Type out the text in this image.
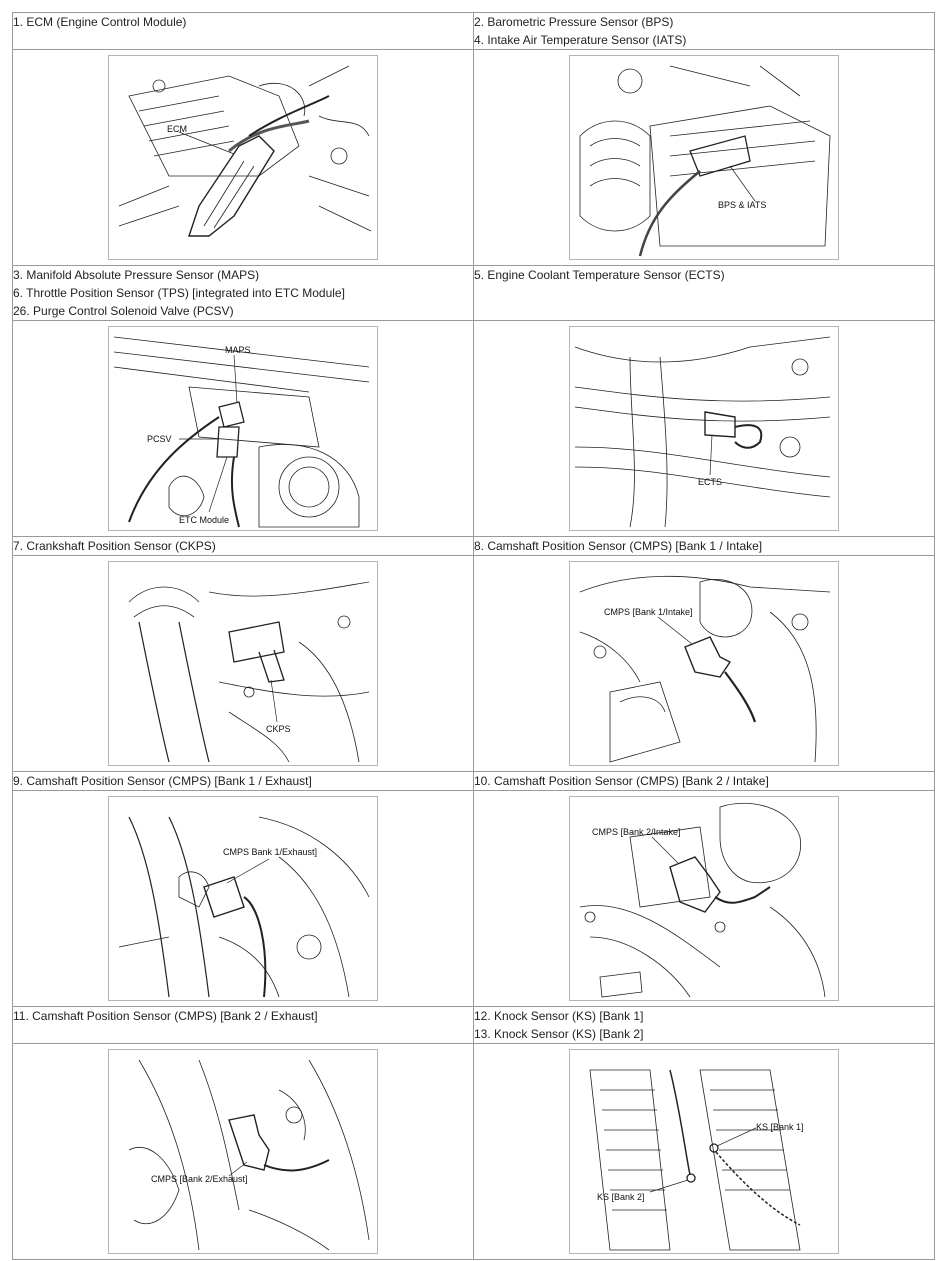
1. ECM (Engine Control Module)	2. Barometric Pressure Sensor (BPS)
4. Intake Air Temperature Sensor (IATS)

ECM	BPS & IATS

3. Manifold Absolute Pressure Sensor (MAPS)
6. Throttle Position Sensor (TPS) [integrated into ETC Module]
26. Purge Control Solenoid Valve (PCSV)	5. Engine Coolant Temperature Sensor (ECTS)

MAPS
PCSV
ETC Module	ECTS

7. Crankshaft Position Sensor (CKPS)	8. Camshaft Position Sensor (CMPS) [Bank 1 / Intake]

CKPS	CMPS [Bank 1/Intake]

9. Camshaft Position Sensor (CMPS) [Bank 1 / Exhaust]	10. Camshaft Position Sensor (CMPS) [Bank 2 / Intake]

CMPS Bank 1/Exhaust]	CMPS [Bank 2/Intake]

11. Camshaft Position Sensor (CMPS) [Bank 2 / Exhaust]	12. Knock Sensor (KS) [Bank 1]
13. Knock Sensor (KS) [Bank 2]

CMPS [Bank 2/Exhaust]	KS [Bank 1]
KS [Bank 2]
